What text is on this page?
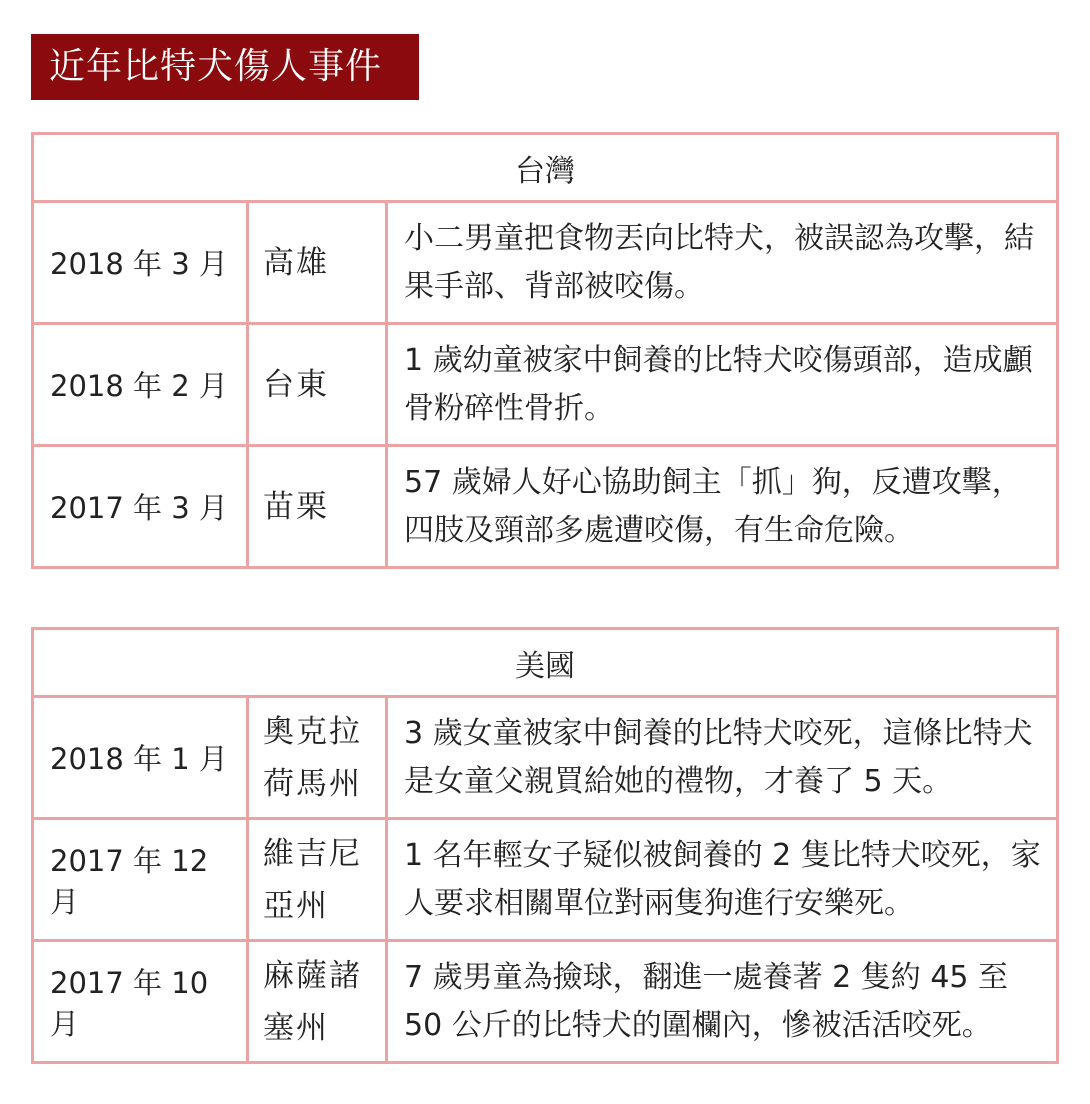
近年比特犬傷人事件
台灣		
2018 年 3 月	高雄	小二男童把食物丟向比特犬，被誤認為攻擊，結果手部、背部被咬傷。
2018 年 2 月	台東	1 歲幼童被家中飼養的比特犬咬傷頭部，造成顱骨粉碎性骨折。
2017 年 3 月	苗栗	57 歲婦人好心協助飼主「抓」狗，反遭攻擊，四肢及頸部多處遭咬傷，有生命危險。
美國		
2018 年 1 月	奧克拉荷馬州	3 歲女童被家中飼養的比特犬咬死，這條比特犬是女童父親買給她的禮物，才養了 5 天。
2017 年 12 月	維吉尼亞州	1 名年輕女子疑似被飼養的 2 隻比特犬咬死，家人要求相關單位對兩隻狗進行安樂死。
2017 年 10 月	麻薩諸塞州	7 歲男童為撿球，翻進一處養著 2 隻約 45 至 50 公斤的比特犬的圍欄內，慘被活活咬死。
